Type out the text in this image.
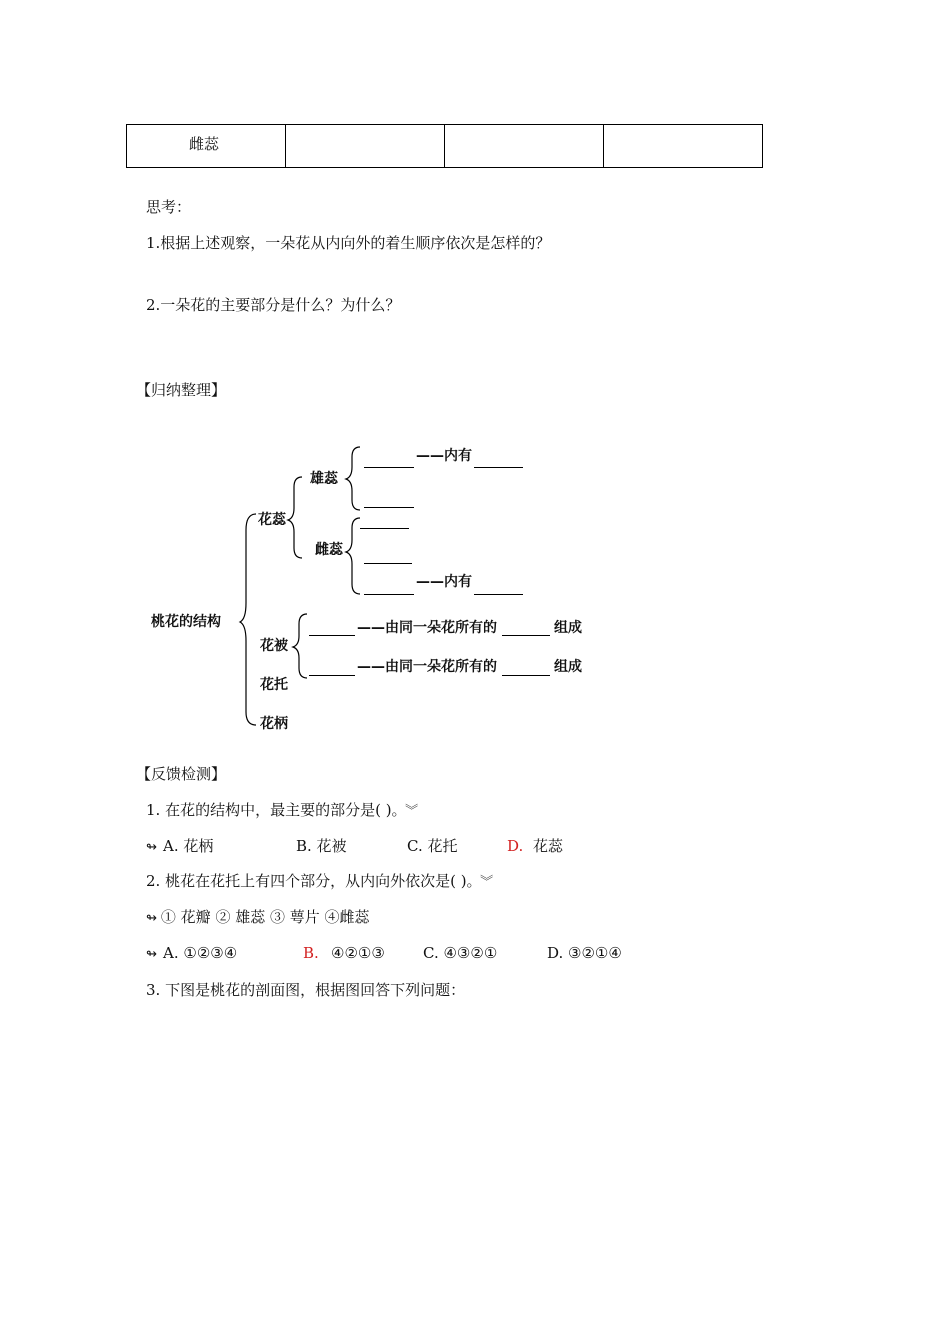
雌蕊			
思考：
1.根据上述观察，一朵花从内向外的着生顺序依次是怎样的？
2.一朵花的主要部分是什么？为什么？
【归纳整理】
桃花的结构
花蕊
雄蕊
雌蕊
花被
花托
花柄
——内有
——内有
——由同一朵花所有的	组成
——由同一朵花所有的	组成
【反馈检测】
1. 在花的结构中，最主要的部分是( )。 ︾
↬ A. 花柄	B. 花被	C. 花托	D. 花蕊
2. 桃花在花托上有四个部分，从内向外依次是( )。 ︾
↬ ① 花瓣 ② 雄蕊 ③ 萼片 ④雌蕊
↬ A. ①②③④	B. ④②①③	C. ④③②①	D. ③②①④
3. 下图是桃花的剖面图，根据图回答下列问题：
